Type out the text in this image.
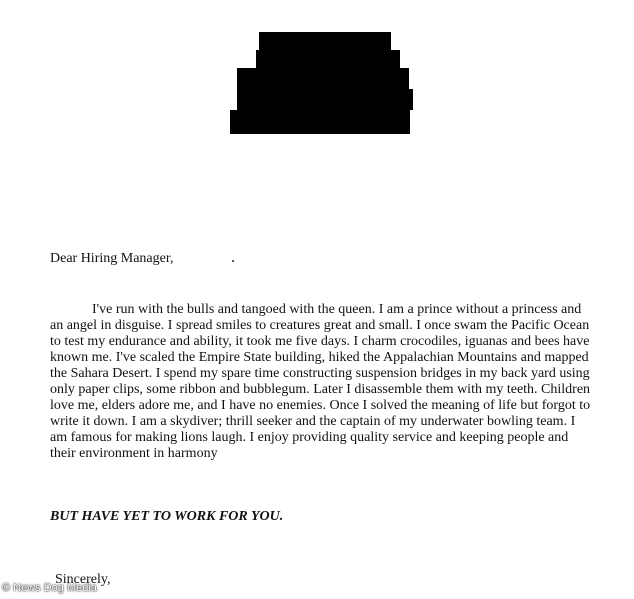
Dear Hiring Manager,

I've run with the bulls and tangoed with the queen. I am a prince without a princess and
an angel in disguise. I spread smiles to creatures great and small. I once swam the Pacific Ocean
to test my endurance and ability, it took me five days. I charm crocodiles, iguanas and bees have
known me. I've scaled the Empire State building, hiked the Appalachian Mountains and mapped
the Sahara Desert. I spend my spare time constructing suspension bridges in my back yard using
only paper clips, some ribbon and bubblegum. Later I disassemble them with my teeth. Children
love me, elders adore me, and I have no enemies. Once I solved the meaning of life but forgot to
write it down. I am a skydiver; thrill seeker and the captain of my underwater bowling team. I
am famous for making lions laugh. I enjoy providing quality service and keeping people and
their environment in harmony

BUT HAVE YET TO WORK FOR YOU.
Sincerely,
© News Dog Media
